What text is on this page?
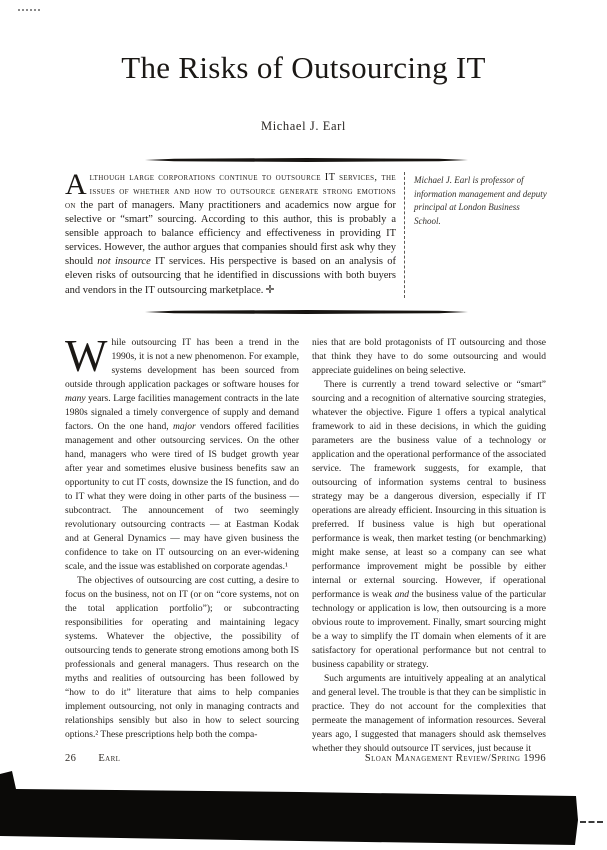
The Risks of Outsourcing IT
Michael J. Earl

Although large corporations continue to outsource IT services, the issues of whether and how to outsource generate strong emotions on the part of managers. Many practitioners and academics now argue for selective or “smart” sourcing. According to this author, this is probably a sensible approach to balance efficiency and effectiveness in providing IT services. However, the author argues that companies should first ask why they should not insource IT services. His perspective is based on an analysis of eleven risks of outsourcing that he identified in discussions with both buyers and vendors in the IT outsourcing marketplace. ✛

Michael J. Earl is professor of information management and deputy principal at London Business School.

While outsourcing IT has been a trend in the 1990s, it is not a new phenomenon. For example, systems development has been sourced from outside through application packages or software houses for many years. Large facilities management contracts in the late 1980s signaled a timely convergence of supply and demand factors. On the one hand, major vendors offered facilities management and other outsourcing services. On the other hand, managers who were tired of IS budget growth year after year and sometimes elusive business benefits saw an opportunity to cut IT costs, downsize the IS function, and do to IT what they were doing in other parts of the business — subcontract. The announcement of two seemingly revolutionary outsourcing contracts — at Eastman Kodak and at General Dynamics — may have given business the confidence to take on IT outsourcing on an ever-widening scale, and the issue was established on corporate agendas.¹

The objectives of outsourcing are cost cutting, a desire to focus on the business, not on IT (or on “core systems, not on the total application portfolio”); or subcontracting responsibilities for operating and maintaining legacy systems. Whatever the objective, the possibility of outsourcing tends to generate strong emotions among both IS professionals and general managers. Thus research on the myths and realities of outsourcing has been followed by “how to do it” literature that aims to help companies implement outsourcing, not only in managing contracts and relationships sensibly but also in how to select sourcing options.² These prescriptions help both the compa-

nies that are bold protagonists of IT outsourcing and those that think they have to do some outsourcing and would appreciate guidelines on being selective.

There is currently a trend toward selective or “smart” sourcing and a recognition of alternative sourcing strategies, whatever the objective. Figure 1 offers a typical analytical framework to aid in these decisions, in which the guiding parameters are the business value of a technology or application and the operational performance of the associated service. The framework suggests, for example, that outsourcing of information systems central to business strategy may be a dangerous diversion, especially if IT operations are already efficient. Insourcing in this situation is preferred. If business value is high but operational performance is weak, then market testing (or benchmarking) might make sense, at least so a company can see what performance improvement might be possible by either internal or external sourcing. However, if operational performance is weak and the business value of the particular technology or application is low, then outsourcing is a more obvious route to improvement. Finally, smart sourcing might be a way to simplify the IT domain when elements of it are satisfactory for operational performance but not central to business capability or strategy.

Such arguments are intuitively appealing at an analytical and general level. The trouble is that they can be simplistic in practice. They do not account for the complexities that permeate the management of information resources. Several years ago, I suggested that managers should ask themselves whether they should outsource IT services, just because it

26 Earl	Sloan Management Review/Spring 1996
